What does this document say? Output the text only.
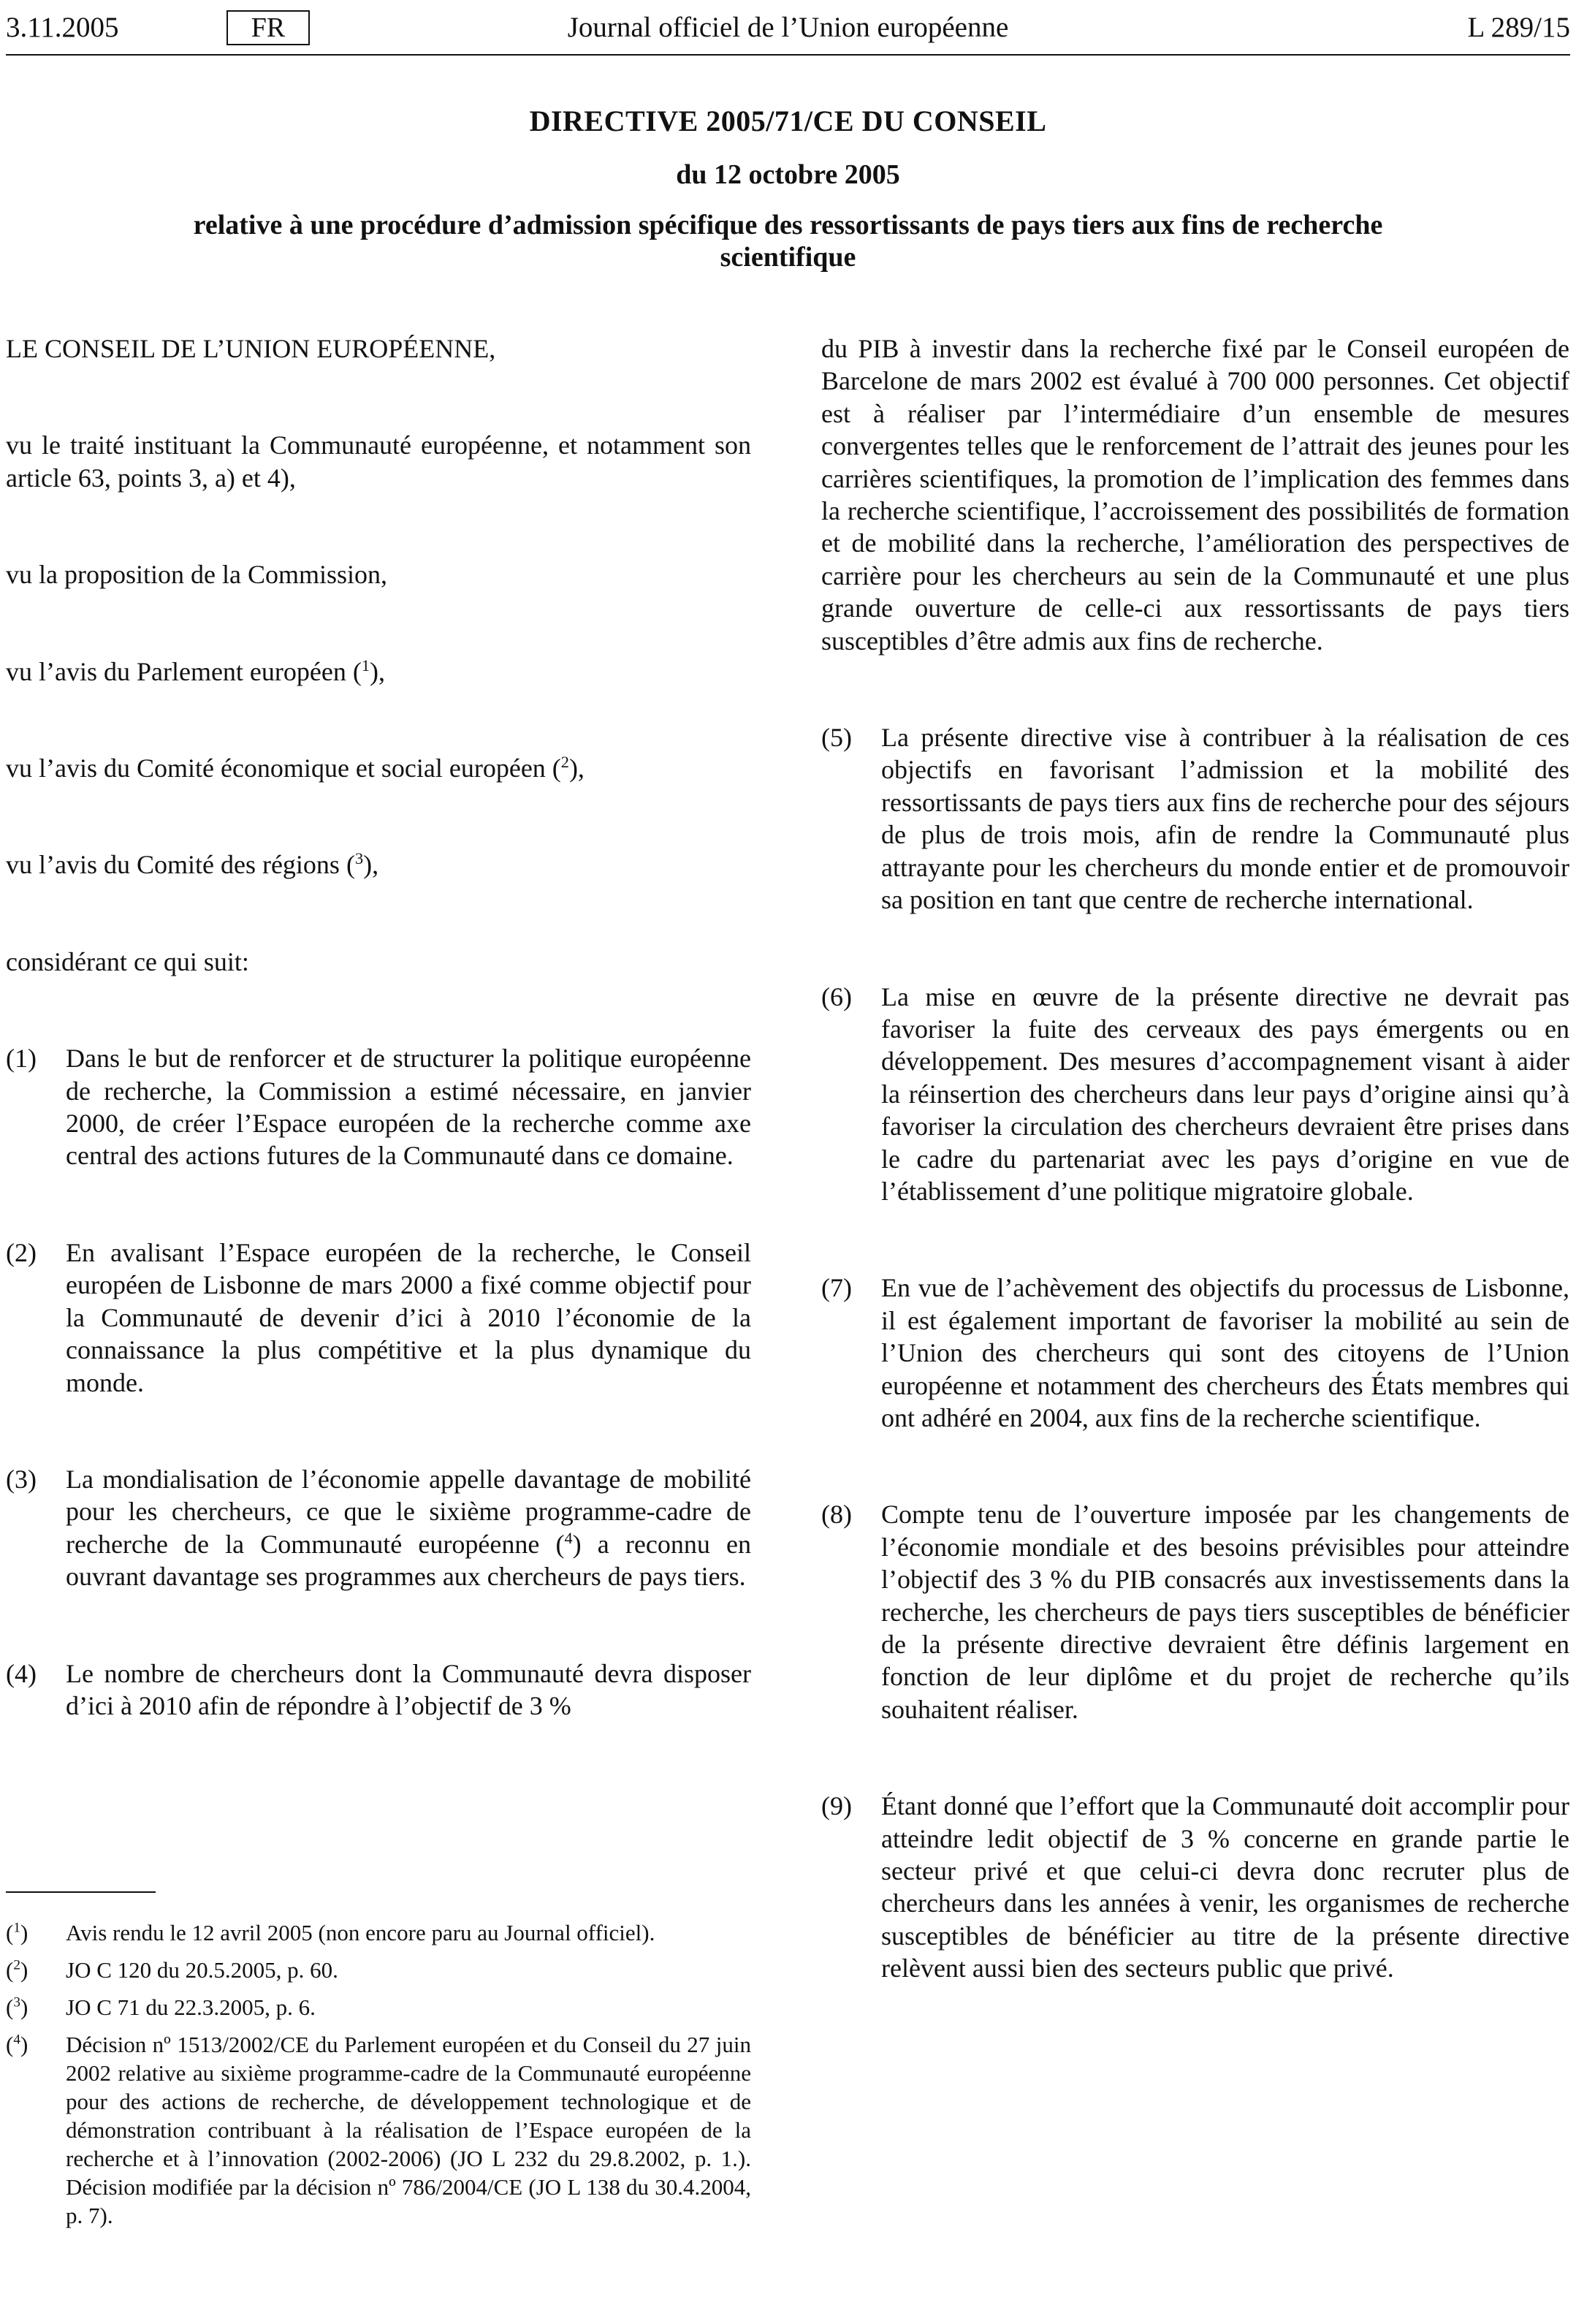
3.11.2005	FR	Journal officiel de l’Union européenne	L 289/15
DIRECTIVE 2005/71/CE DU CONSEIL
du 12 octobre 2005
relative à une procédure d’admission spécifique des ressortissants de pays tiers aux fins de recherche scientifique

LE CONSEIL DE L’UNION EUROPÉENNE,

vu le traité instituant la Communauté européenne, et notamment son article 63, points 3, a) et 4),

vu la proposition de la Commission,

vu l’avis du Parlement européen ($^1$),

vu l’avis du Comité économique et social européen ($^2$),

vu l’avis du Comité des régions ($^3$),

considérant ce qui suit:

(1) Dans le but de renforcer et de structurer la politique européenne de recherche, la Commission a estimé nécessaire, en janvier 2000, de créer l’Espace européen de la recherche comme axe central des actions futures de la Communauté dans ce domaine.

(2) En avalisant l’Espace européen de la recherche, le Conseil européen de Lisbonne de mars 2000 a fixé comme objectif pour la Communauté de devenir d’ici à 2010 l’économie de la connaissance la plus compétitive et la plus dynamique du monde.

(3) La mondialisation de l’économie appelle davantage de mobilité pour les chercheurs, ce que le sixième programme-cadre de recherche de la Communauté européenne ($^4$) a reconnu en ouvrant davantage ses programmes aux chercheurs de pays tiers.

(4) Le nombre de chercheurs dont la Communauté devra disposer d’ici à 2010 afin de répondre à l’objectif de 3 %

du PIB à investir dans la recherche fixé par le Conseil européen de Barcelone de mars 2002 est évalué à 700 000 personnes. Cet objectif est à réaliser par l’intermédiaire d’un ensemble de mesures convergentes telles que le renforcement de l’attrait des jeunes pour les carrières scientifiques, la promotion de l’implication des femmes dans la recherche scientifique, l’accroissement des possibilités de formation et de mobilité dans la recherche, l’amélioration des perspectives de carrière pour les chercheurs au sein de la Communauté et une plus grande ouverture de celle-ci aux ressortissants de pays tiers susceptibles d’être admis aux fins de recherche.

(5) La présente directive vise à contribuer à la réalisation de ces objectifs en favorisant l’admission et la mobilité des ressortissants de pays tiers aux fins de recherche pour des séjours de plus de trois mois, afin de rendre la Communauté plus attrayante pour les chercheurs du monde entier et de promouvoir sa position en tant que centre de recherche international.

(6) La mise en œuvre de la présente directive ne devrait pas favoriser la fuite des cerveaux des pays émergents ou en développement. Des mesures d’accompagnement visant à aider la réinsertion des chercheurs dans leur pays d’origine ainsi qu’à favoriser la circulation des chercheurs devraient être prises dans le cadre du partenariat avec les pays d’origine en vue de l’établissement d’une politique migratoire globale.

(7) En vue de l’achèvement des objectifs du processus de Lisbonne, il est également important de favoriser la mobilité au sein de l’Union des chercheurs qui sont des citoyens de l’Union européenne et notamment des chercheurs des États membres qui ont adhéré en 2004, aux fins de la recherche scientifique.

(8) Compte tenu de l’ouverture imposée par les changements de l’économie mondiale et des besoins prévisibles pour atteindre l’objectif des 3 % du PIB consacrés aux investissements dans la recherche, les chercheurs de pays tiers susceptibles de bénéficier de la présente directive devraient être définis largement en fonction de leur diplôme et du projet de recherche qu’ils souhaitent réaliser.

(9) Étant donné que l’effort que la Communauté doit accomplir pour atteindre ledit objectif de 3 % concerne en grande partie le secteur privé et que celui-ci devra donc recruter plus de chercheurs dans les années à venir, les organismes de recherche susceptibles de bénéficier au titre de la présente directive relèvent aussi bien des secteurs public que privé.

($^1$) Avis rendu le 12 avril 2005 (non encore paru au Journal officiel).

($^2$) JO C 120 du 20.5.2005, p. 60.

($^3$) JO C 71 du 22.3.2005, p. 6.

($^4$) Décision nº 1513/2002/CE du Parlement européen et du Conseil du 27 juin 2002 relative au sixième programme-cadre de la Communauté européenne pour des actions de recherche, de développement technologique et de démonstration contribuant à la réalisation de l’Espace européen de la recherche et à l’innovation (2002-2006) (JO L 232 du 29.8.2002, p. 1.). Décision modifiée par la décision nº 786/2004/CE (JO L 138 du 30.4.2004, p. 7).
